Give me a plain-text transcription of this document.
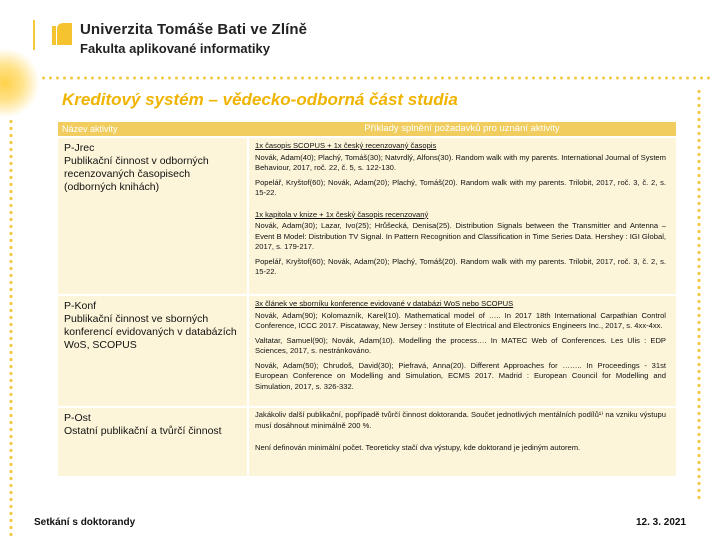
Univerzita Tomáše Bati ve Zlíně
Fakulta aplikované informatiky
Kreditový systém – vědecko-odborná část studia
Název aktivity	Příklady splnění požadavků pro uznání aktivity
P-Jrec
Publikační činnost v odborných recenzovaných časopisech (odborných knihách)
1x časopis SCOPUS + 1x český recenzovaný časopis
Novák, Adam(40); Plachý, Tomáš(30); Natvrdlý, Alfons(30). Random walk with my parents. International Journal of System Behaviour, 2017, roč. 22, č. 5, s. 122-130.
Popelář, Kryštof(60); Novák, Adam(20); Plachý, Tomáš(20). Random walk with my parents. Trilobit, 2017, roč. 3, č. 2, s. 15-22.
1x kapitola v knize + 1x český časopis recenzovaný
Novák, Adam(30); Lazar, Ivo(25); Hrůšecká, Denisa(25). Distribution Signals between the Transmitter and Antenna – Event B Model: Distribution TV Signal. In Pattern Recognition and Classification in Time Series Data. Hershey : IGI Global, 2017, s. 179-217.
Popelář, Kryštof(60); Novák, Adam(20); Plachý, Tomáš(20). Random walk with my parents. Trilobit, 2017, roč. 3, č. 2, s. 15-22.
P-Konf
Publikační činnost ve sborných konferencí evidovaných v databázích WoS, SCOPUS
3x článek ve sborníku konference evidované v databázi WoS nebo SCOPUS
Novák, Adam(90); Kolomazník, Karel(10). Mathematical model of ….. In 2017 18th International Carpathian Control Conference, ICCC 2017. Piscataway, New Jersey : Institute of Electrical and Electronics Engineers Inc., 2017, s. 4xx-4xx.
Valtatar, Samuel(90); Novák, Adam(10). Modelling the process…. In MATEC Web of Conferences. Les Ulis : EDP Sciences, 2017, s. nestránkováno.
Novák, Adam(50); Chrudoš, David(30); Piefravá, Anna(20). Different Approaches for …….. In Proceedings - 31st European Conference on Modelling and Simulation, ECMS 2017. Madrid : European Council for Modelling and Simulation, 2017, s. 326-332.
P-Ost
Ostatní publikační a tvůrčí činnost
Jakákoliv další publikační, popřípadě tvůrčí činnost doktoranda. Součet jednotlivých mentálních podílů¹⁾ na vzniku výstupu musí dosáhnout minimálně 200 %.
Není definován minimální počet. Teoreticky stačí dva výstupy, kde doktorand je jediným autorem.
Setkání s doktorandy	12. 3. 2021
